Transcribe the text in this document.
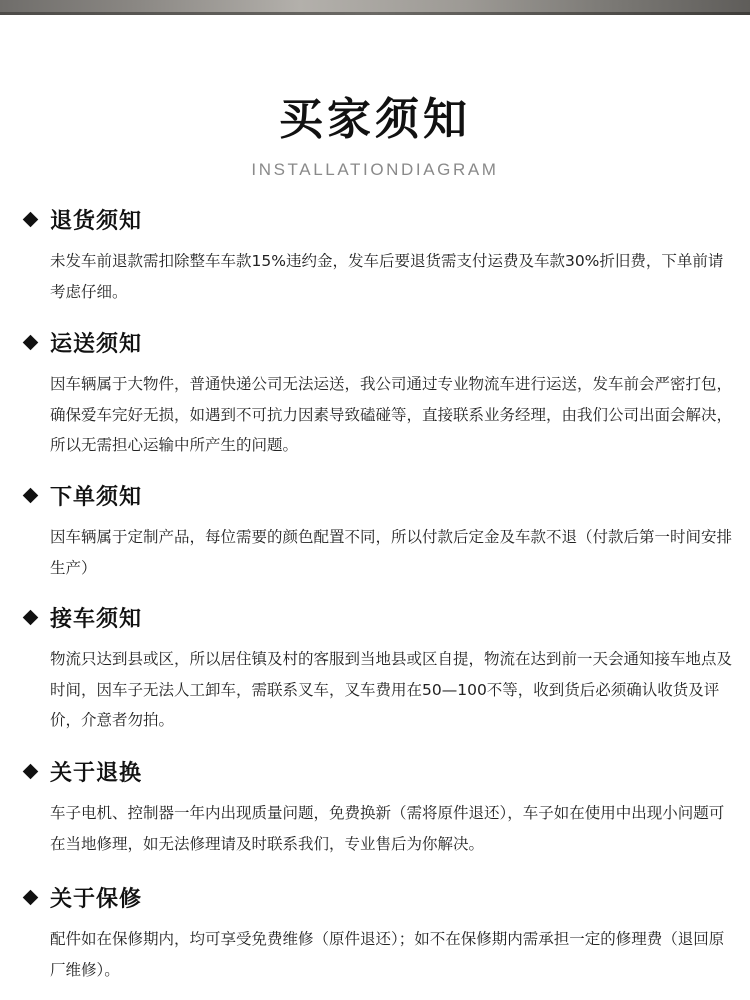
买家须知
INSTALLATIONDIAGRAM
退货须知

未发车前退款需扣除整车车款15%违约金，发车后要退货需支付运费及车款30%折旧费，下单前请考虑仔细。

运送须知

因车辆属于大物件，普通快递公司无法运送，我公司通过专业物流车进行运送，发车前会严密打包，确保爱车完好无损，如遇到不可抗力因素导致磕碰等，直接联系业务经理，由我们公司出面会解决，所以无需担心运输中所产生的问题。

下单须知

因车辆属于定制产品，每位需要的颜色配置不同，所以付款后定金及车款不退（付款后第一时间安排生产）

接车须知

物流只达到县或区，所以居住镇及村的客服到当地县或区自提，物流在达到前一天会通知接车地点及时间，因车子无法人工卸车，需联系叉车，叉车费用在50—100不等，收到货后必须确认收货及评价，介意者勿拍。

关于退换

车子电机、控制器一年内出现质量问题，免费换新（需将原件退还），车子如在使用中出现小问题可在当地修理，如无法修理请及时联系我们，专业售后为你解决。

关于保修

配件如在保修期内，均可享受免费维修（原件退还）；如不在保修期内需承担一定的修理费（退回原厂维修）。
